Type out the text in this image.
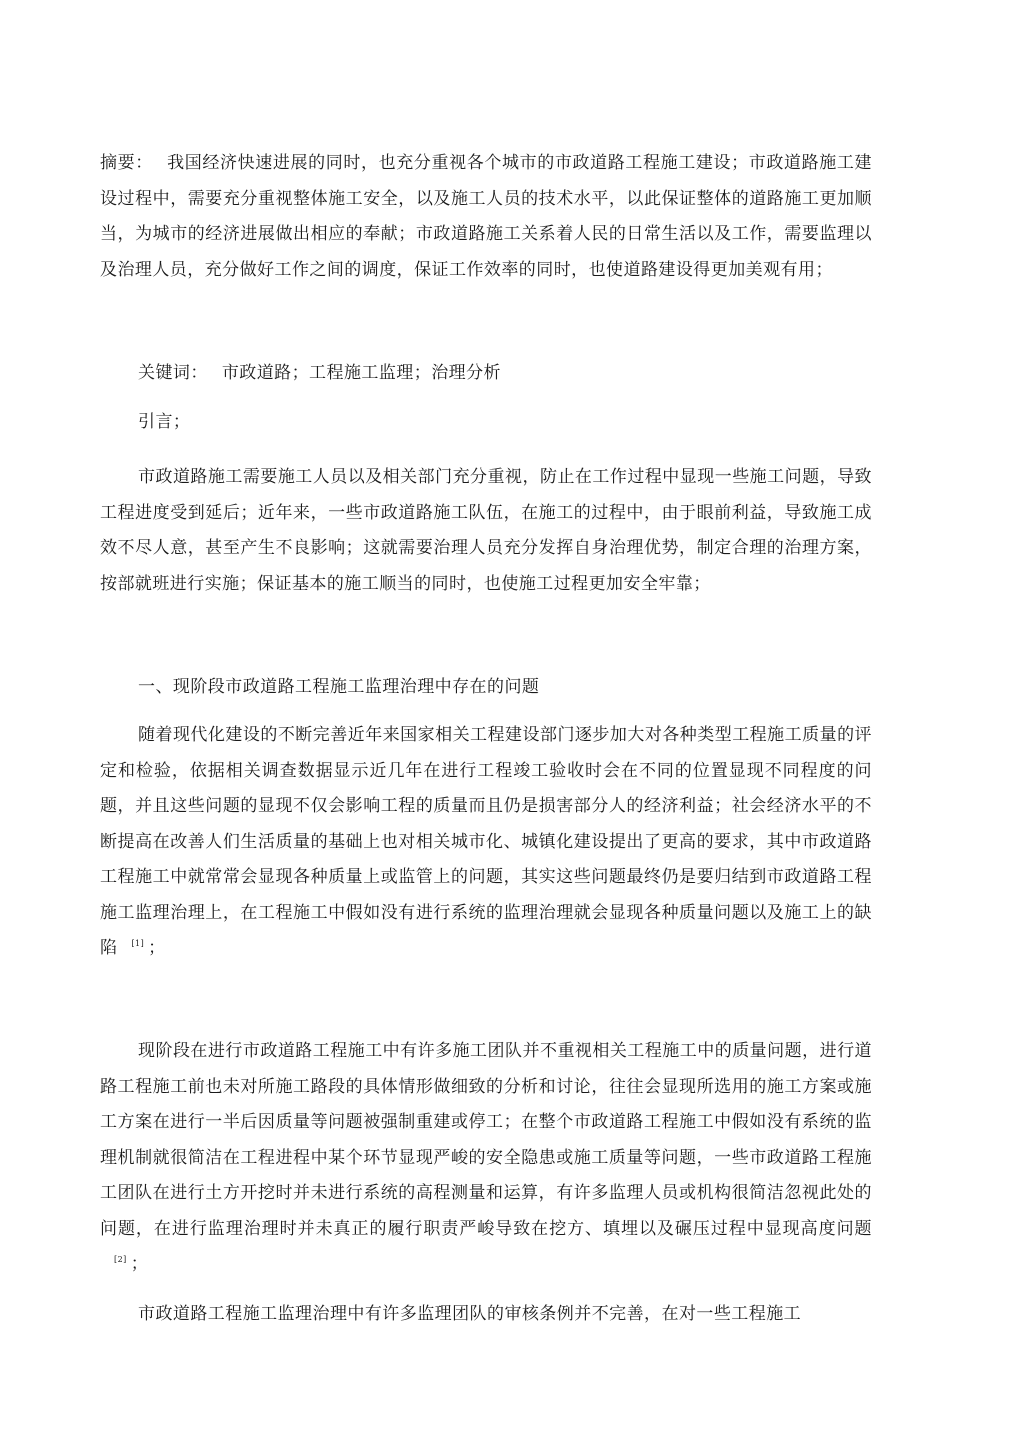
摘要： 我国经济快速进展的同时，也充分重视各个城市的市政道路工程施工建设；市政道路施工建设过程中，需要充分重视整体施工安全，以及施工人员的技术水平，以此保证整体的道路施工更加顺当，为城市的经济进展做出相应的奉献；市政道路施工关系着人民的日常生活以及工作，需要监理以及治理人员，充分做好工作之间的调度，保证工作效率的同时，也使道路建设得更加美观有用；

关键词： 市政道路；工程施工监理；治理分析

引言；

市政道路施工需要施工人员以及相关部门充分重视，防止在工作过程中显现一些施工问题，导致工程进度受到延后；近年来，一些市政道路施工队伍，在施工的过程中，由于眼前利益，导致施工成效不尽人意，甚至产生不良影响；这就需要治理人员充分发挥自身治理优势，制定合理的治理方案，按部就班进行实施；保证基本的施工顺当的同时，也使施工过程更加安全牢靠；

一、现阶段市政道路工程施工监理治理中存在的问题

随着现代化建设的不断完善近年来国家相关工程建设部门逐步加大对各种类型工程施工质量的评定和检验，依据相关调查数据显示近几年在进行工程竣工验收时会在不同的位置显现不同程度的问题，并且这些问题的显现不仅会影响工程的质量而且仍是损害部分人的经济利益；社会经济水平的不断提高在改善人们生活质量的基础上也对相关城市化、城镇化建设提出了更高的要求，其中市政道路工程施工中就常常会显现各种质量上或监管上的问题，其实这些问题最终仍是要归结到市政道路工程施工监理治理上，在工程施工中假如没有进行系统的监理治理就会显现各种质量问题以及施工上的缺陷 [1] ；

现阶段在进行市政道路工程施工中有许多施工团队并不重视相关工程施工中的质量问题，进行道路工程施工前也未对所施工路段的具体情形做细致的分析和讨论，往往会显现所选用的施工方案或施工方案在进行一半后因质量等问题被强制重建或停工；在整个市政道路工程施工中假如没有系统的监理机制就很简洁在工程进程中某个环节显现严峻的安全隐患或施工质量等问题，一些市政道路工程施工团队在进行土方开挖时并未进行系统的高程测量和运算，有许多监理人员或机构很简洁忽视此处的问题，在进行监理治理时并未真正的履行职责严峻导致在挖方、填埋以及碾压过程中显现高度问题[2] ；

市政道路工程施工监理治理中有许多监理团队的审核条例并不完善，在对一些工程施工
